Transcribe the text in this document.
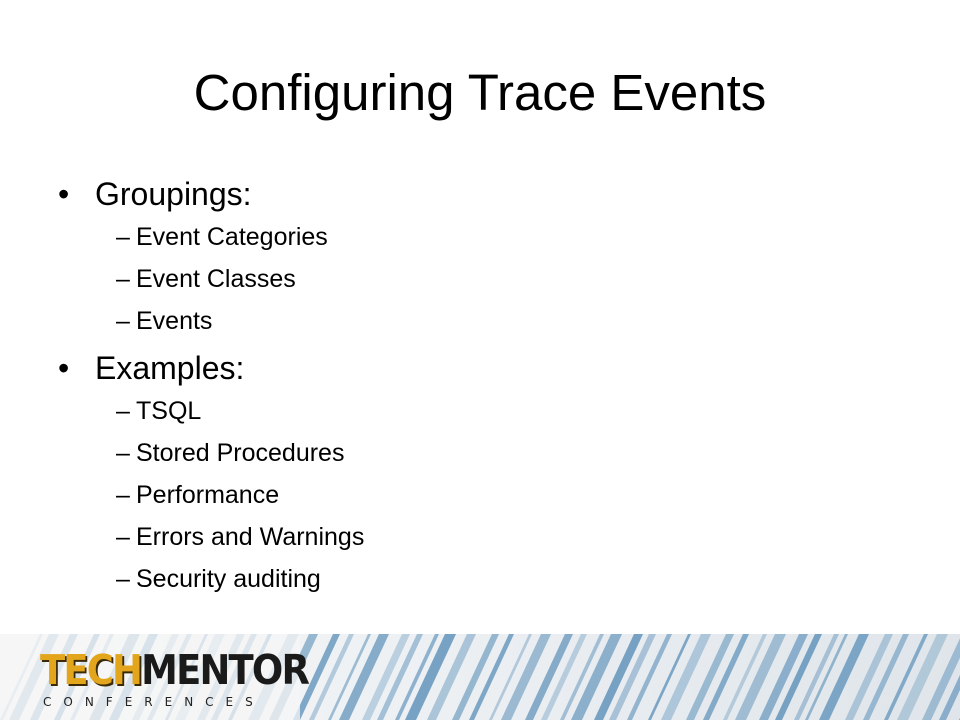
Configuring Trace Events
• Groupings:
– Event Categories
– Event Classes
– Events
• Examples:
– TSQL
– Stored Procedures
– Performance
– Errors and Warnings
– Security auditing
TECHMENTOR
CONFERENCES
